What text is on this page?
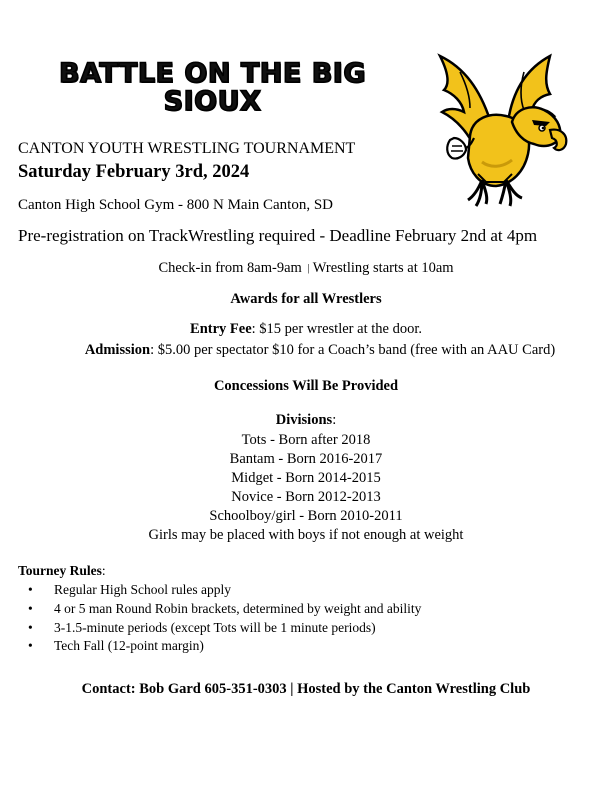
BATTLE ON THE BIG
SIOUX
CANTON YOUTH WRESTLING TOURNAMENT
Saturday February 3rd, 2024
Canton High School Gym - 800 N Main Canton, SD
Pre-registration on TrackWrestling required - Deadline February 2nd at 4pm
Check-in from 8am-9am | Wrestling starts at 10am
Awards for all Wrestlers
Entry Fee: $15 per wrestler at the door.
Admission: $5.00 per spectator $10 for a Coach’s band (free with an AAU Card)
Concessions Will Be Provided
Divisions:
Tots - Born after 2018
Bantam - Born 2016-2017
Midget - Born 2014-2015
Novice - Born 2012-2013
Schoolboy/girl - Born 2010-2011
Girls may be placed with boys if not enough at weight
Tourney Rules:
• Regular High School rules apply
• 4 or 5 man Round Robin brackets, determined by weight and ability
• 3-1.5-minute periods (except Tots will be 1 minute periods)
• Tech Fall (12-point margin)
Contact: Bob Gard 605-351-0303 | Hosted by the Canton Wrestling Club
